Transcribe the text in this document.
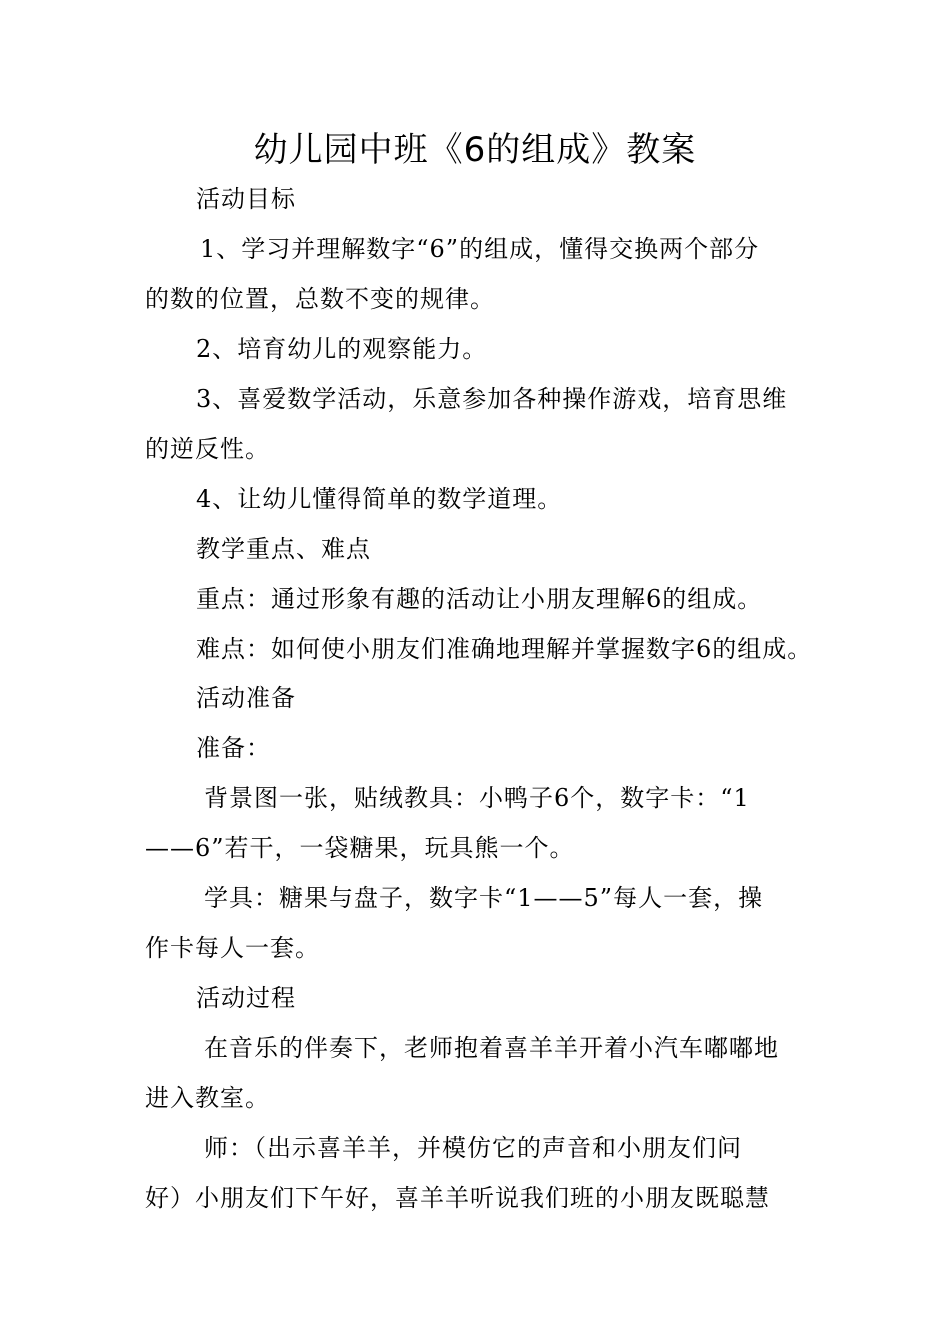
幼儿园中班《6的组成》教案

活动目标

1、学习并理解数字“6”的组成，懂得交换两个部分

的数的位置，总数不变的规律。

2、培育幼儿的观察能力。

3、喜爱数学活动，乐意参加各种操作游戏，培育思维

的逆反性。

4、让幼儿懂得简单的数学道理。

教学重点、难点

重点：通过形象有趣的活动让小朋友理解6的组成。

难点：如何使小朋友们准确地理解并掌握数字6的组成。

活动准备

准备：

背景图一张，贴绒教具：小鸭子6个，数字卡：“1

——6”若干，一袋糖果，玩具熊一个。

学具：糖果与盘子，数字卡“1——5”每人一套，操

作卡每人一套。

活动过程

在音乐的伴奏下，老师抱着喜羊羊开着小汽车嘟嘟地

进入教室。

师：（出示喜羊羊，并模仿它的声音和小朋友们问

好）小朋友们下午好，喜羊羊听说我们班的小朋友既聪慧
